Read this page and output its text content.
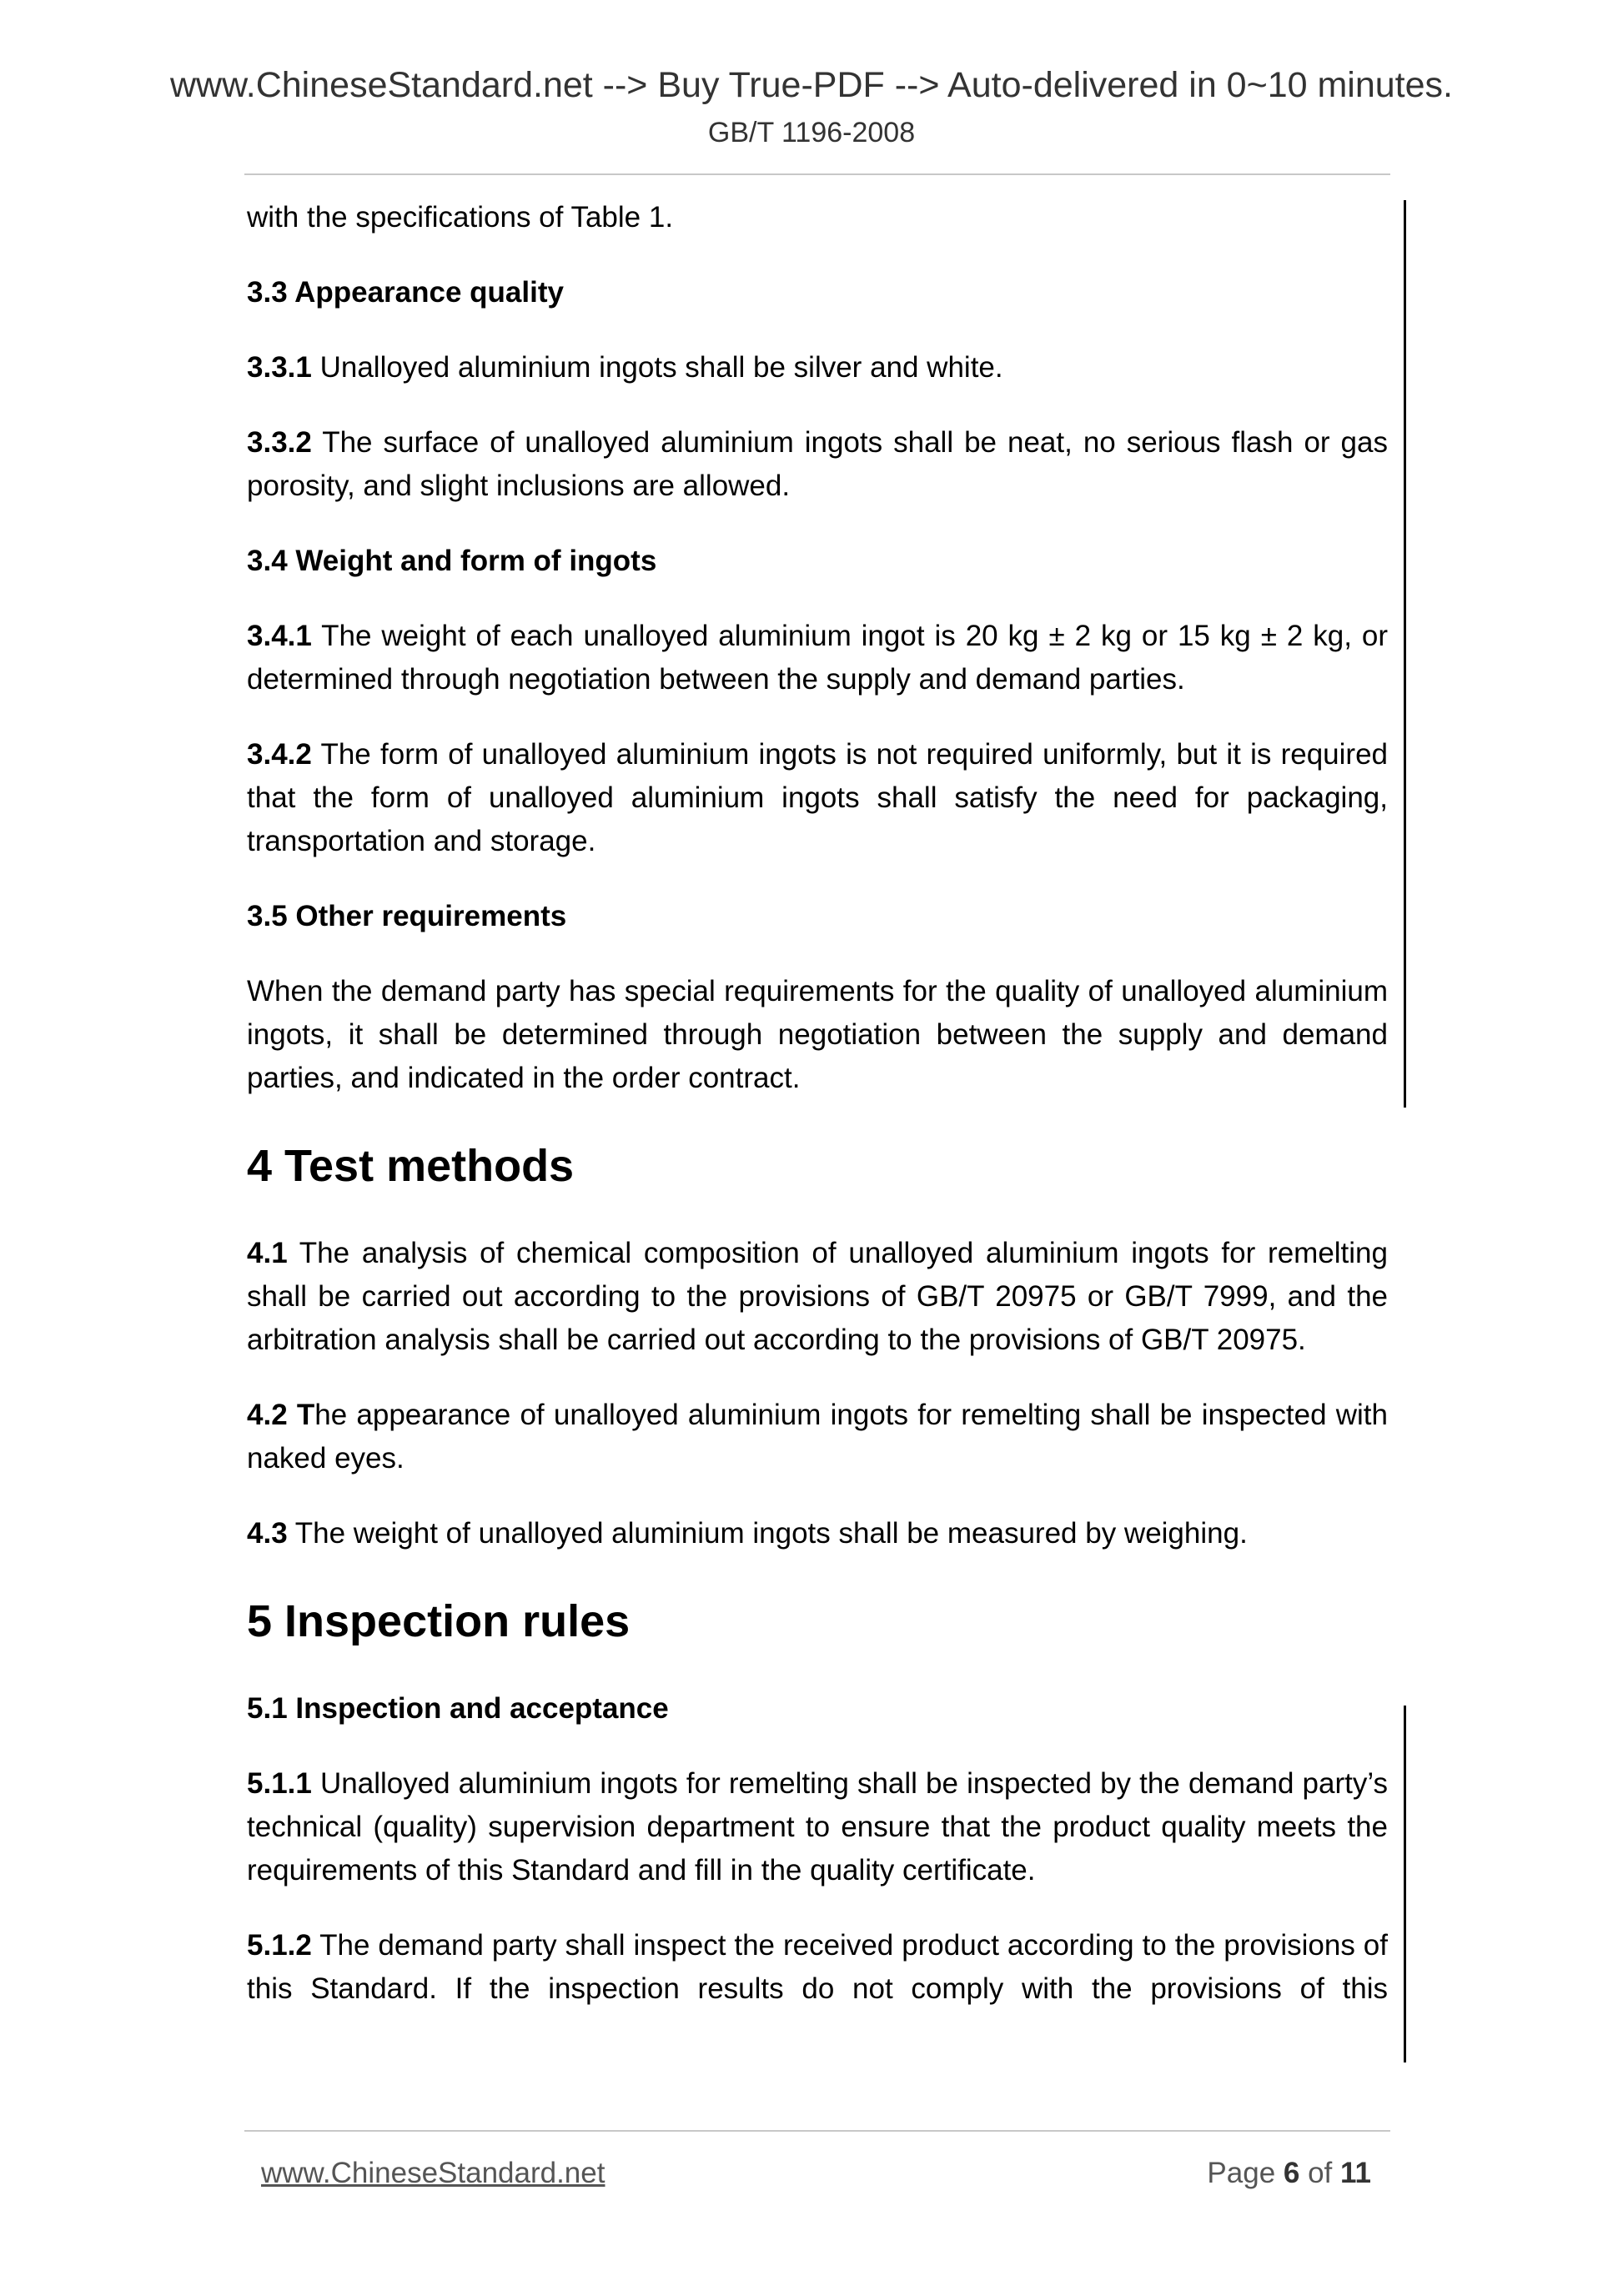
www.ChineseStandard.net --> Buy True-PDF --> Auto-delivered in 0~10 minutes.
GB/T 1196-2008

with the specifications of Table 1.

3.3 Appearance quality

3.3.1 Unalloyed aluminium ingots shall be silver and white.

3.3.2 The surface of unalloyed aluminium ingots shall be neat, no serious flash or gas porosity, and slight inclusions are allowed.

3.4 Weight and form of ingots

3.4.1 The weight of each unalloyed aluminium ingot is 20 kg ± 2 kg or 15 kg ± 2 kg, or determined through negotiation between the supply and demand parties.

3.4.2 The form of unalloyed aluminium ingots is not required uniformly, but it is required that the form of unalloyed aluminium ingots shall satisfy the need for packaging, transportation and storage.

3.5 Other requirements

When the demand party has special requirements for the quality of unalloyed aluminium ingots, it shall be determined through negotiation between the supply and demand parties, and indicated in the order contract.

4 Test methods

4.1 The analysis of chemical composition of unalloyed aluminium ingots for remelting shall be carried out according to the provisions of GB/T 20975 or GB/T 7999, and the arbitration analysis shall be carried out according to the provisions of GB/T 20975.

4.2 The appearance of unalloyed aluminium ingots for remelting shall be inspected with naked eyes.

4.3 The weight of unalloyed aluminium ingots shall be measured by weighing.

5 Inspection rules

5.1 Inspection and acceptance

5.1.1 Unalloyed aluminium ingots for remelting shall be inspected by the demand party’s technical (quality) supervision department to ensure that the product quality meets the requirements of this Standard and fill in the quality certificate.

5.1.2 The demand party shall inspect the received product according to the provisions of this Standard. If the inspection results do not comply with the provisions of this

www.ChineseStandard.net	Page 6 of 11
